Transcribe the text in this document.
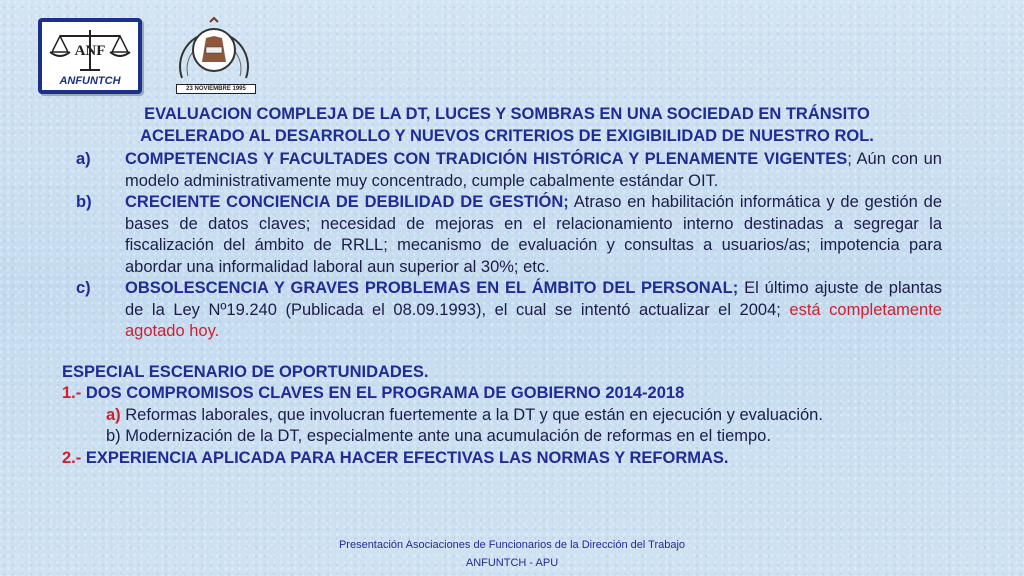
ANF
ANFUNTCH
23 NOVIEMBRE 1995
EVALUACION COMPLEJA DE LA DT, LUCES Y SOMBRAS EN UNA SOCIEDAD EN TRÁNSITO
ACELERADO AL DESARROLLO Y NUEVOS CRITERIOS DE EXIGIBILIDAD DE NUESTRO ROL.
a)	COMPETENCIAS Y FACULTADES CON TRADICIÓN HISTÓRICA Y PLENAMENTE VIGENTES; Aún con un modelo administrativamente muy concentrado, cumple cabalmente estándar OIT.
b)	CRECIENTE CONCIENCIA DE DEBILIDAD DE GESTIÓN; Atraso en habilitación informática y de gestión de bases de datos claves; necesidad de mejoras en el relacionamiento interno destinadas a segregar la fiscalización del ámbito de RRLL; mecanismo de evaluación y consultas a usuarios/as; impotencia para abordar una informalidad laboral aun superior al 30%; etc.
c)	OBSOLESCENCIA Y GRAVES PROBLEMAS EN EL ÁMBITO DEL PERSONAL; El último ajuste de plantas de la Ley Nº19.240 (Publicada el 08.09.1993), el cual se intentó actualizar el 2004; está completamente agotado hoy.
ESPECIAL ESCENARIO DE OPORTUNIDADES.
1.- DOS COMPROMISOS CLAVES EN EL PROGRAMA DE GOBIERNO 2014-2018
a) Reformas laborales, que involucran fuertemente a la DT y que están en ejecución y evaluación.
b) Modernización de la DT, especialmente ante una acumulación de reformas en el tiempo.
2.- EXPERIENCIA APLICADA PARA HACER EFECTIVAS LAS NORMAS Y REFORMAS.
Presentación Asociaciones de Funcionarios de la Dirección del Trabajo
ANFUNTCH - APU
